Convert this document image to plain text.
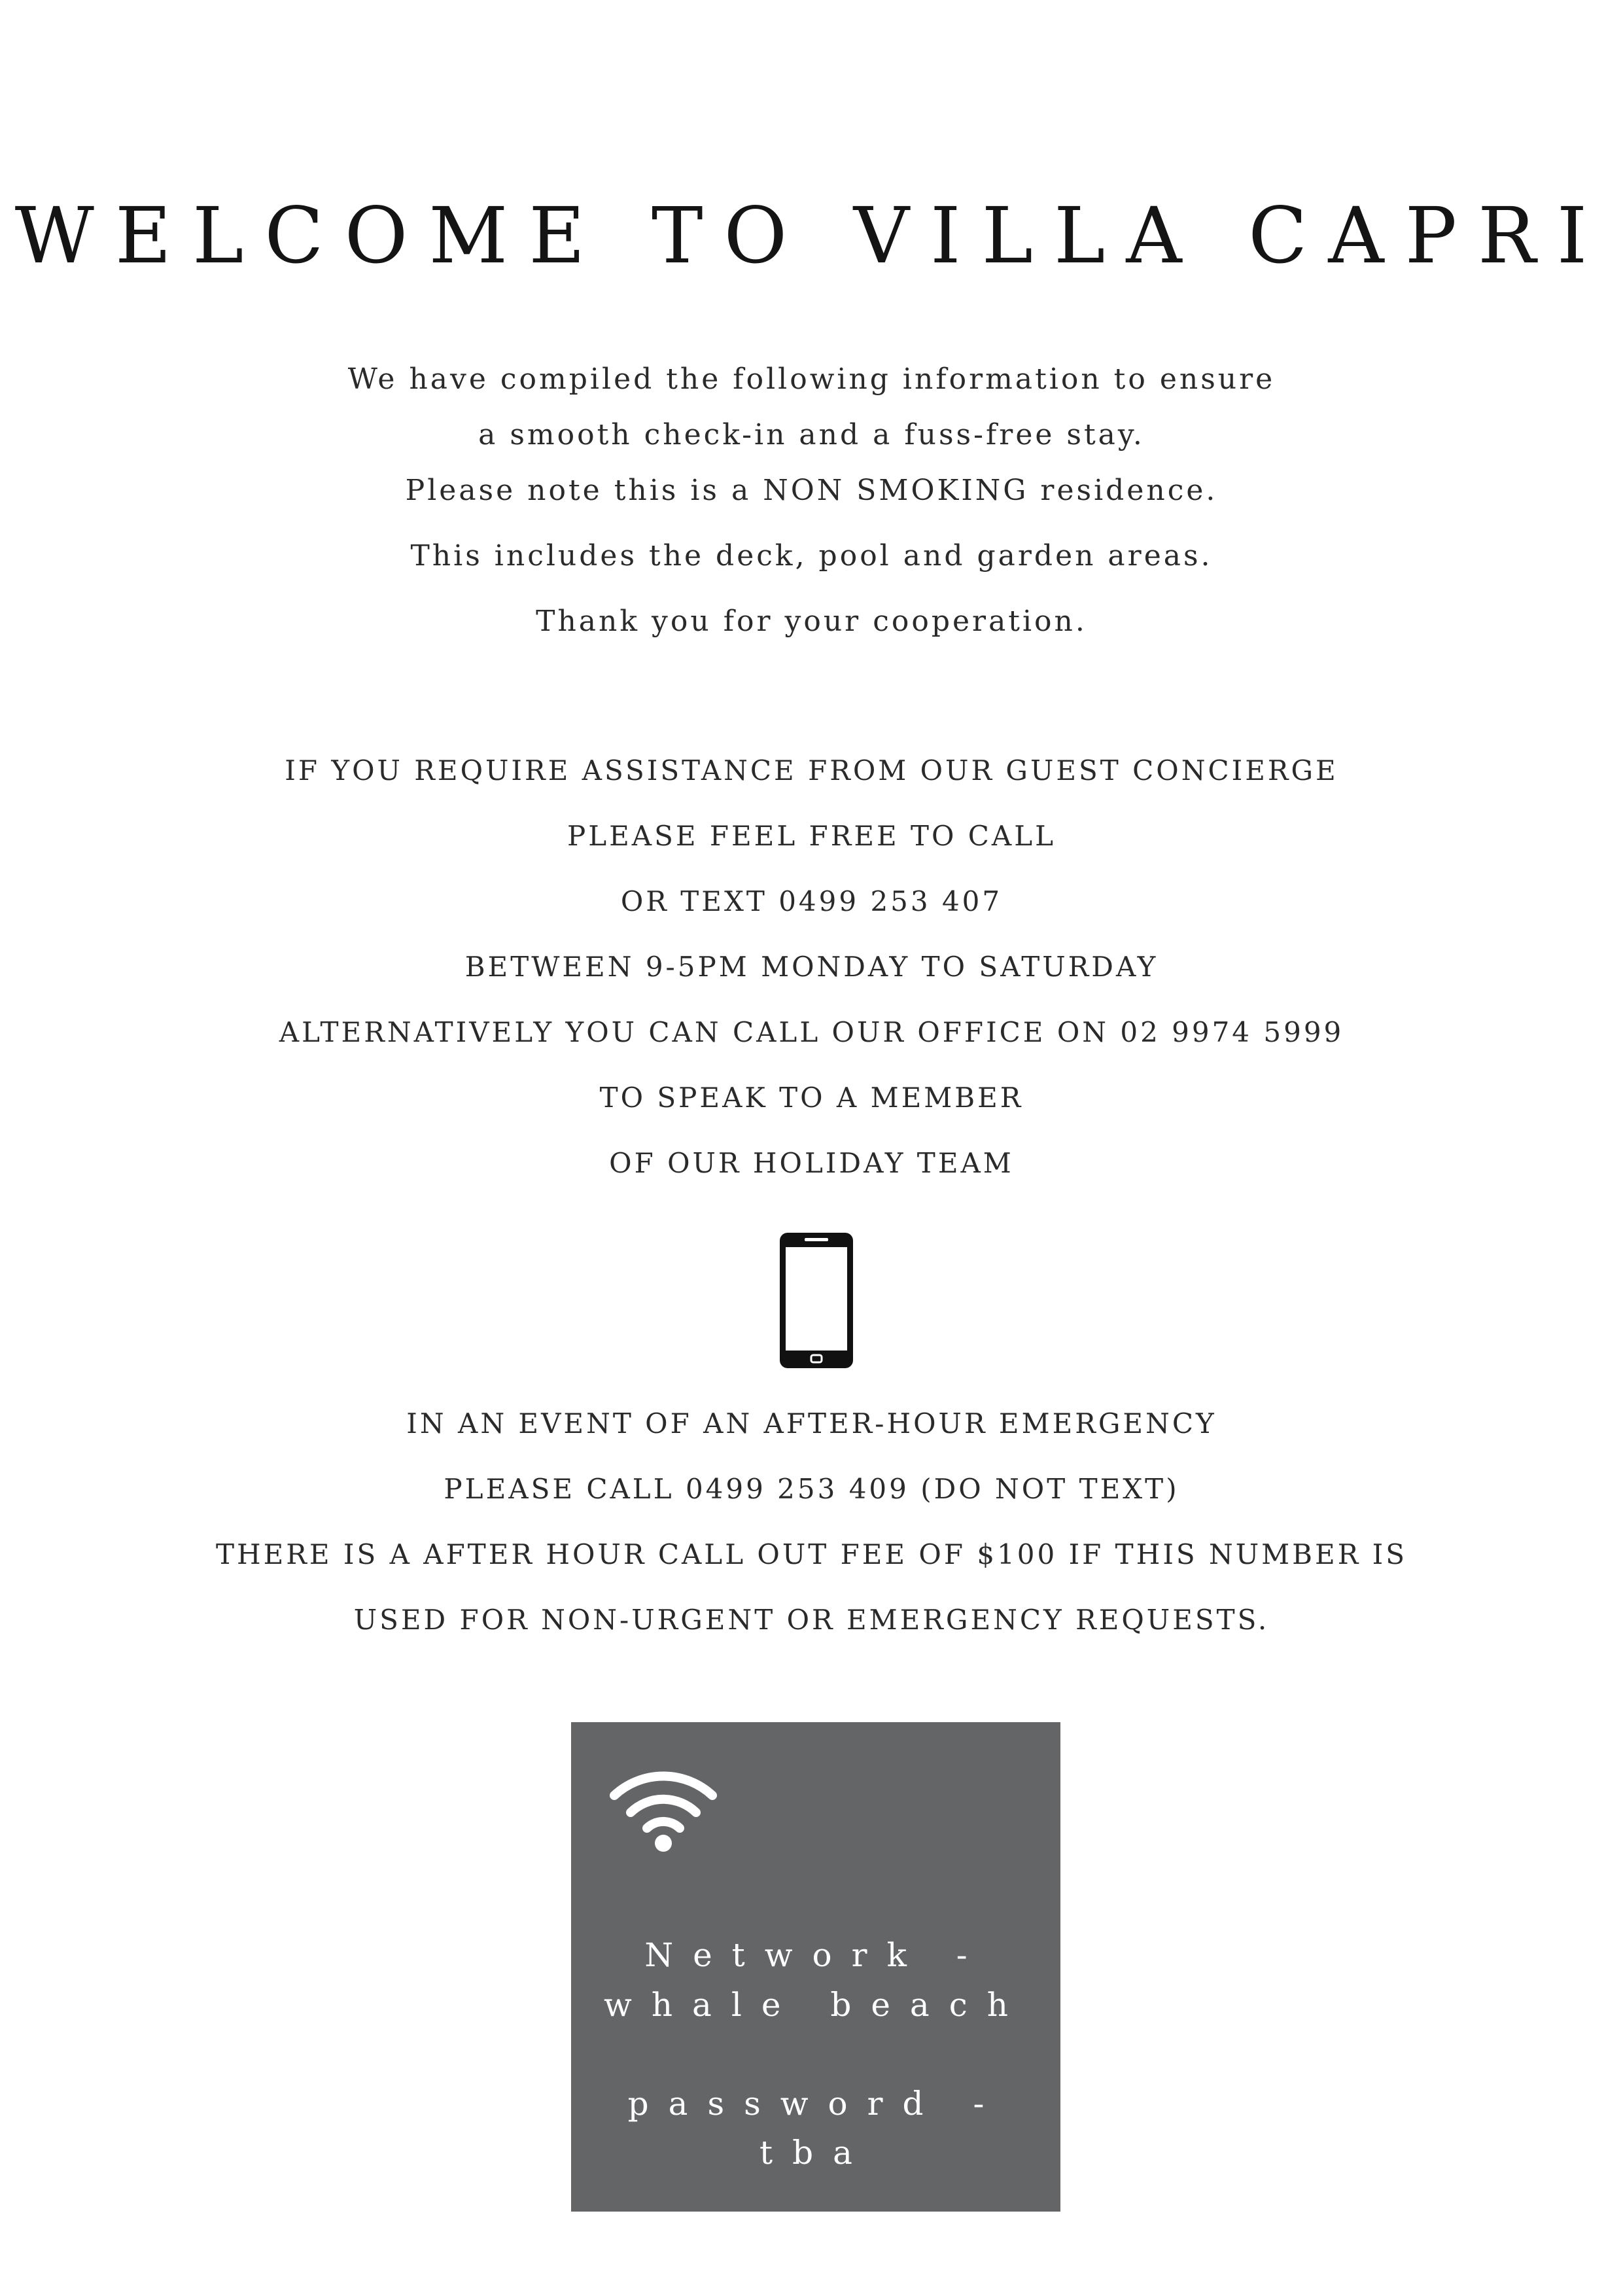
WELCOME TO VILLA CAPRI
We have compiled the following information to ensure
a smooth check-in and a fuss-free stay.
Please note this is a NON SMOKING residence.
This includes the deck, pool and garden areas.
Thank you for your cooperation.
IF YOU REQUIRE ASSISTANCE FROM OUR GUEST CONCIERGE
PLEASE FEEL FREE TO CALL
OR TEXT 0499 253 407
BETWEEN 9-5PM MONDAY TO SATURDAY
ALTERNATIVELY YOU CAN CALL OUR OFFICE ON 02 9974 5999
TO SPEAK TO A MEMBER
OF OUR HOLIDAY TEAM
IN AN EVENT OF AN AFTER-HOUR EMERGENCY
PLEASE CALL 0499 253 409 (DO NOT TEXT)
THERE IS A AFTER HOUR CALL OUT FEE OF $100 IF THIS NUMBER IS
USED FOR NON-URGENT OR EMERGENCY REQUESTS.
Network -
whale beach
password -
tba
